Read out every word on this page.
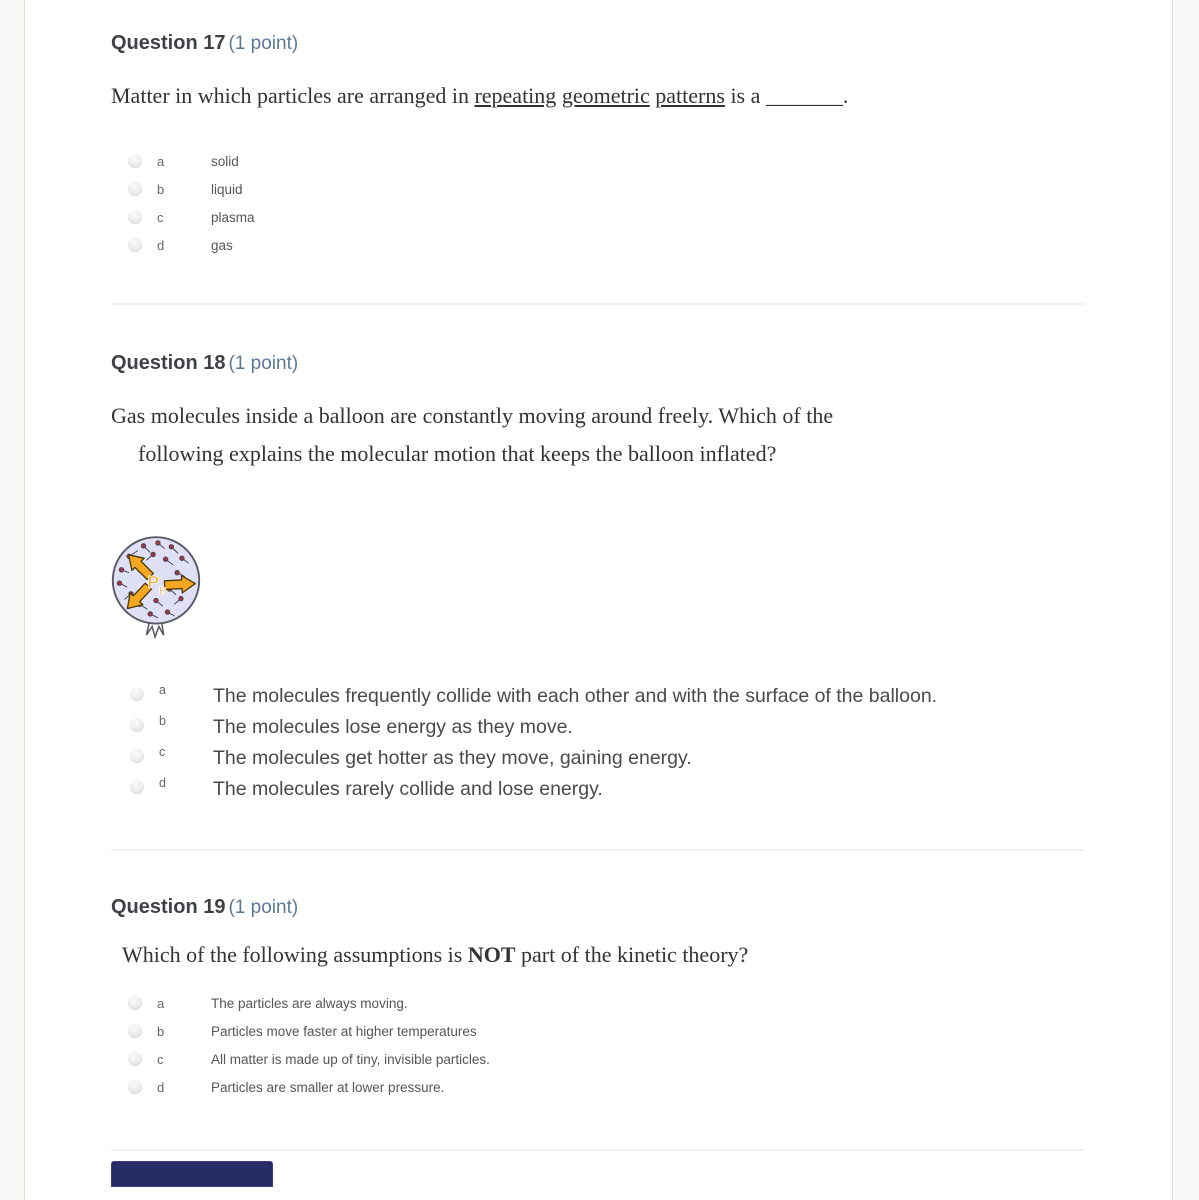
Question 17 (1 point)
Matter in which particles are arranged in repeating geometric patterns is a _______.
a	solid
b	liquid
c	plasma
d	gas
Question 18 (1 point)
Gas molecules inside a balloon are constantly moving around freely. Which of the
following explains the molecular motion that keeps the balloon inflated?
P B
a	The molecules frequently collide with each other and with the surface of the balloon.
b	The molecules lose energy as they move.
c	The molecules get hotter as they move, gaining energy.
d	The molecules rarely collide and lose energy.
Question 19 (1 point)
Which of the following assumptions is NOT part of the kinetic theory?
a	The particles are always moving.
b	Particles move faster at higher temperatures
c	All matter is made up of tiny, invisible particles.
d	Particles are smaller at lower pressure.
